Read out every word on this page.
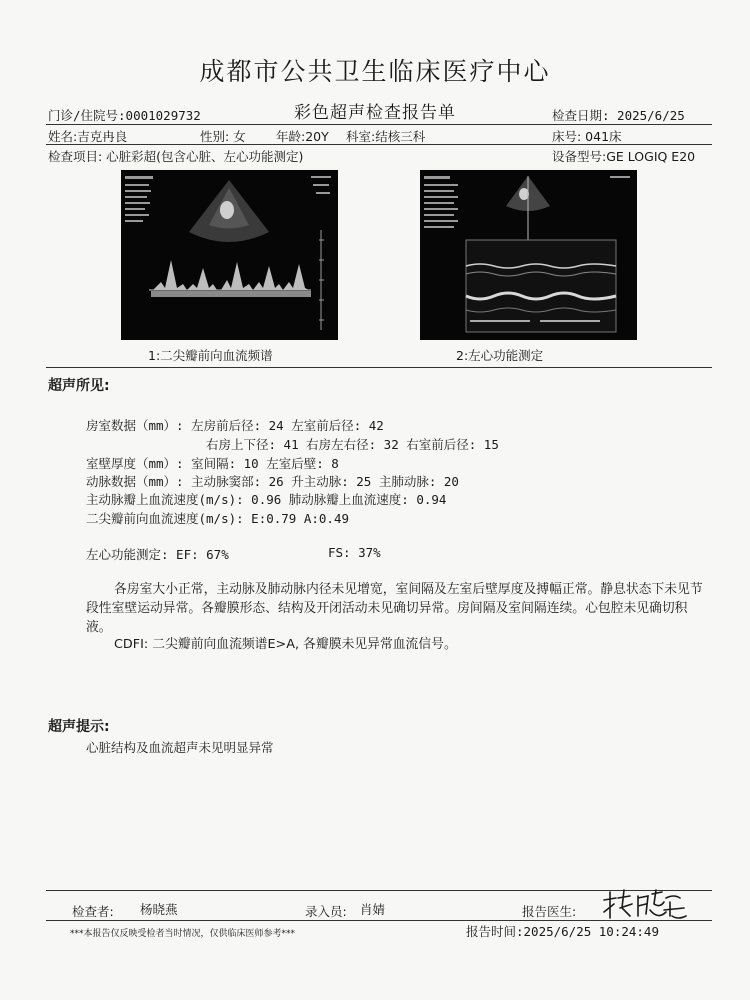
成都市公共卫生临床医疗中心
彩色超声检查报告单
门诊/住院号:0001029732	检查日期: 2025/6/25
姓名:吉克冉良	性别: 女 年龄:20Y 科室:结核三科	床号: 041床
检查项目: 心脏彩超(包含心脏、左心功能测定)	设备型号:GE LOGIQ E20
1:二尖瓣前向血流频谱	2:左心功能测定
超声所见:
房室数据（mm）: 左房前后径: 24 左室前后径: 42
右房上下径: 41 右房左右径: 32 右室前后径: 15
室壁厚度（mm）: 室间隔: 10 左室后壁: 8
动脉数据（mm）: 主动脉窦部: 26 升主动脉: 25 主肺动脉: 20
主动脉瓣上血流速度(m/s): 0.96 肺动脉瓣上血流速度: 0.94
二尖瓣前向血流速度(m/s): E:0.79 A:0.49
左心功能测定: EF: 67%	FS: 37%
各房室大小正常，主动脉及肺动脉内径未见增宽，室间隔及左室后壁厚度及搏幅正常。静息状态下未见节段性室壁运动异常。各瓣膜形态、结构及开闭活动未见确切异常。房间隔及室间隔连续。心包腔未见确切积液。
CDFI: 二尖瓣前向血流频谱E>A, 各瓣膜未见异常血流信号。
超声提示:
心脏结构及血流超声未见明显异常
检查者: 杨晓燕	录入员: 肖婧	报告医生:
***本报告仅反映受检者当时情况，仅供临床医师参考***	报告时间:2025/6/25 10:24:49
